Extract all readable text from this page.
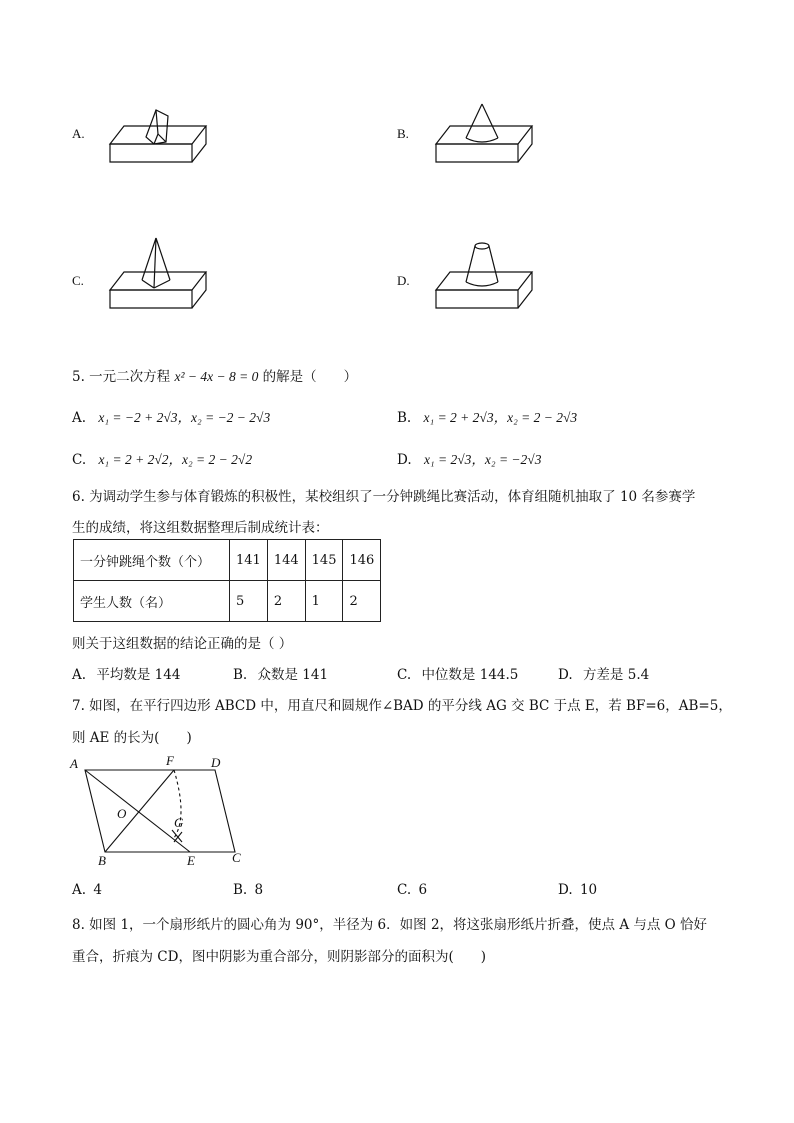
A.	B.
C.	D.
5. 一元二次方程 x² − 4x − 8 = 0 的解是（　　）
A. x₁ = −2 + 2√3，x₂ = −2 − 2√3	B. x₁ = 2 + 2√3，x₂ = 2 − 2√3
C. x₁ = 2 + 2√2，x₂ = 2 − 2√2	D. x₁ = 2√3，x₂ = −2√3
6. 为调动学生参与体育锻炼的积极性，某校组织了一分钟跳绳比赛活动，体育组随机抽取了 10 名参赛学
生的成绩，将这组数据整理后制成统计表：
一分钟跳绳个数（个）	141	144	145	146
学生人数（名）	5	2	1	2
则关于这组数据的结论正确的是（ ）
A. 平均数是 144	B. 众数是 141	C. 中位数是 144.5	D. 方差是 5.4
7. 如图，在平行四边形 ABCD 中，用直尺和圆规作∠BAD 的平分线 AG 交 BC 于点 E，若 BF=6，AB=5，
则 AE 的长为(　　)
A	F	D
O
G
B	E	C
A. 4	B. 8	C. 6	D. 10
8. 如图 1，一个扇形纸片的圆心角为 90°，半径为 6．如图 2，将这张扇形纸片折叠，使点 A 与点 O 恰好
重合，折痕为 CD，图中阴影为重合部分，则阴影部分的面积为(　　)
